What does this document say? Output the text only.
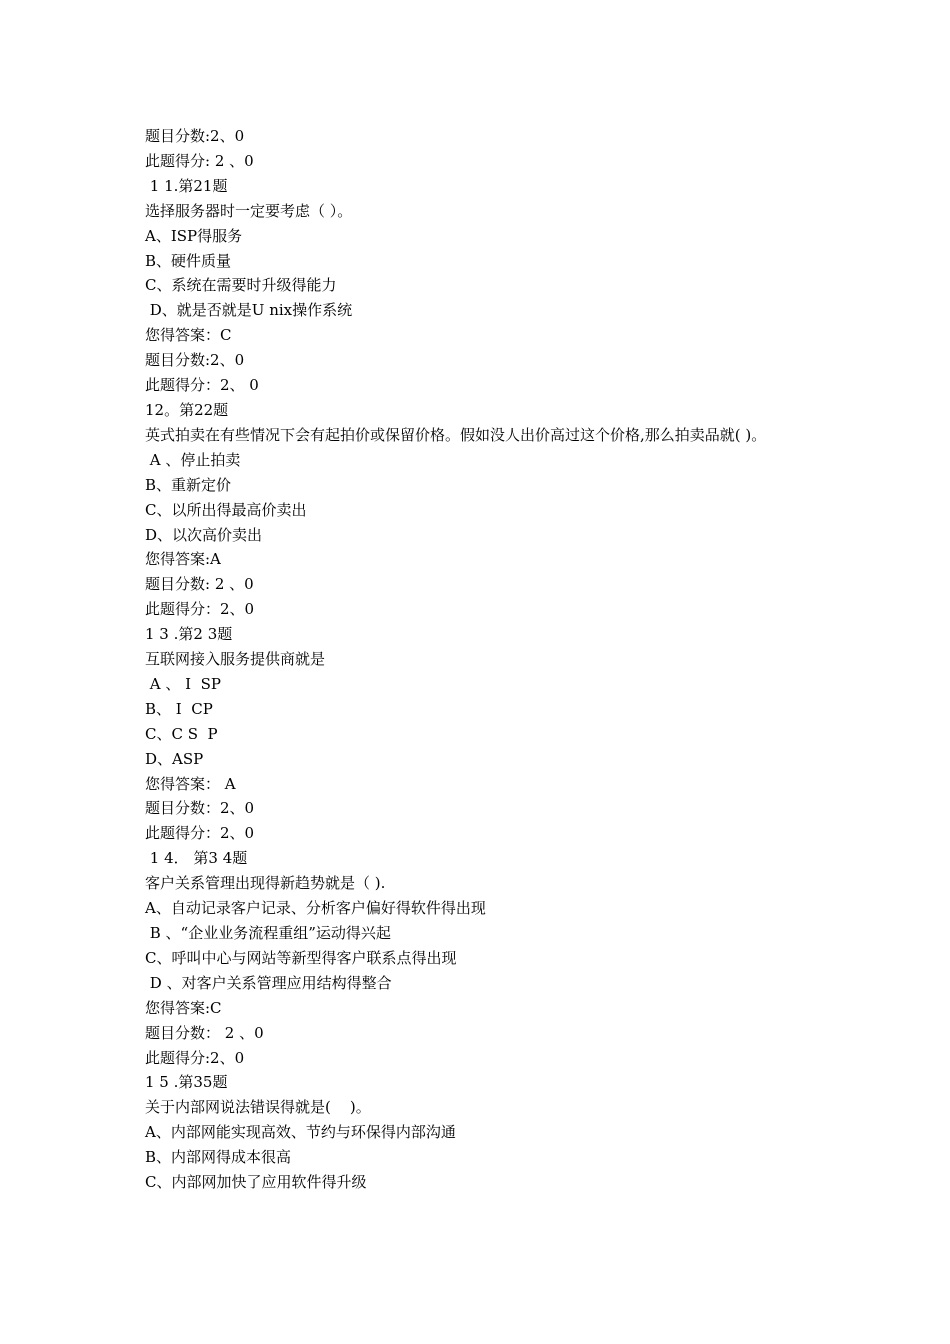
题目分数:2、0
此题得分: 2 、0
1 1.第21题
选择服务器时一定要考虑（ ）。
A、ISP得服务
B、硬件质量
C、系统在需要时升级得能力
D、就是否就是U nix操作系统
您得答案：C
题目分数:2、0
此题得分：2、 0
12。第22题
英式拍卖在有些情况下会有起拍价或保留价格。假如没人出价高过这个价格,那么拍卖品就( )。
A 、停止拍卖
B、重新定价
C、以所出得最高价卖出
D、以次高价卖出
您得答案:A
题目分数: 2 、0
此题得分：2、0
1 3 .第2 3题
互联网接入服务提供商就是
A 、 I  SP
B、 I  CP
C、C S  P
D、ASP
您得答案： A
题目分数：2、0
此题得分：2、0
1 4． 第3 4题
客户关系管理出现得新趋势就是（ ).
A、自动记录客户记录、分析客户偏好得软件得出现
B 、“企业业务流程重组”运动得兴起
C、呼叫中心与网站等新型得客户联系点得出现
D 、对客户关系管理应用结构得整合
您得答案:C
题目分数： 2 、0
此题得分:2、0
1 5 .第35题
关于内部网说法错误得就是(    )。
A、内部网能实现高效、节约与环保得内部沟通
B、内部网得成本很高
C、内部网加快了应用软件得升级
